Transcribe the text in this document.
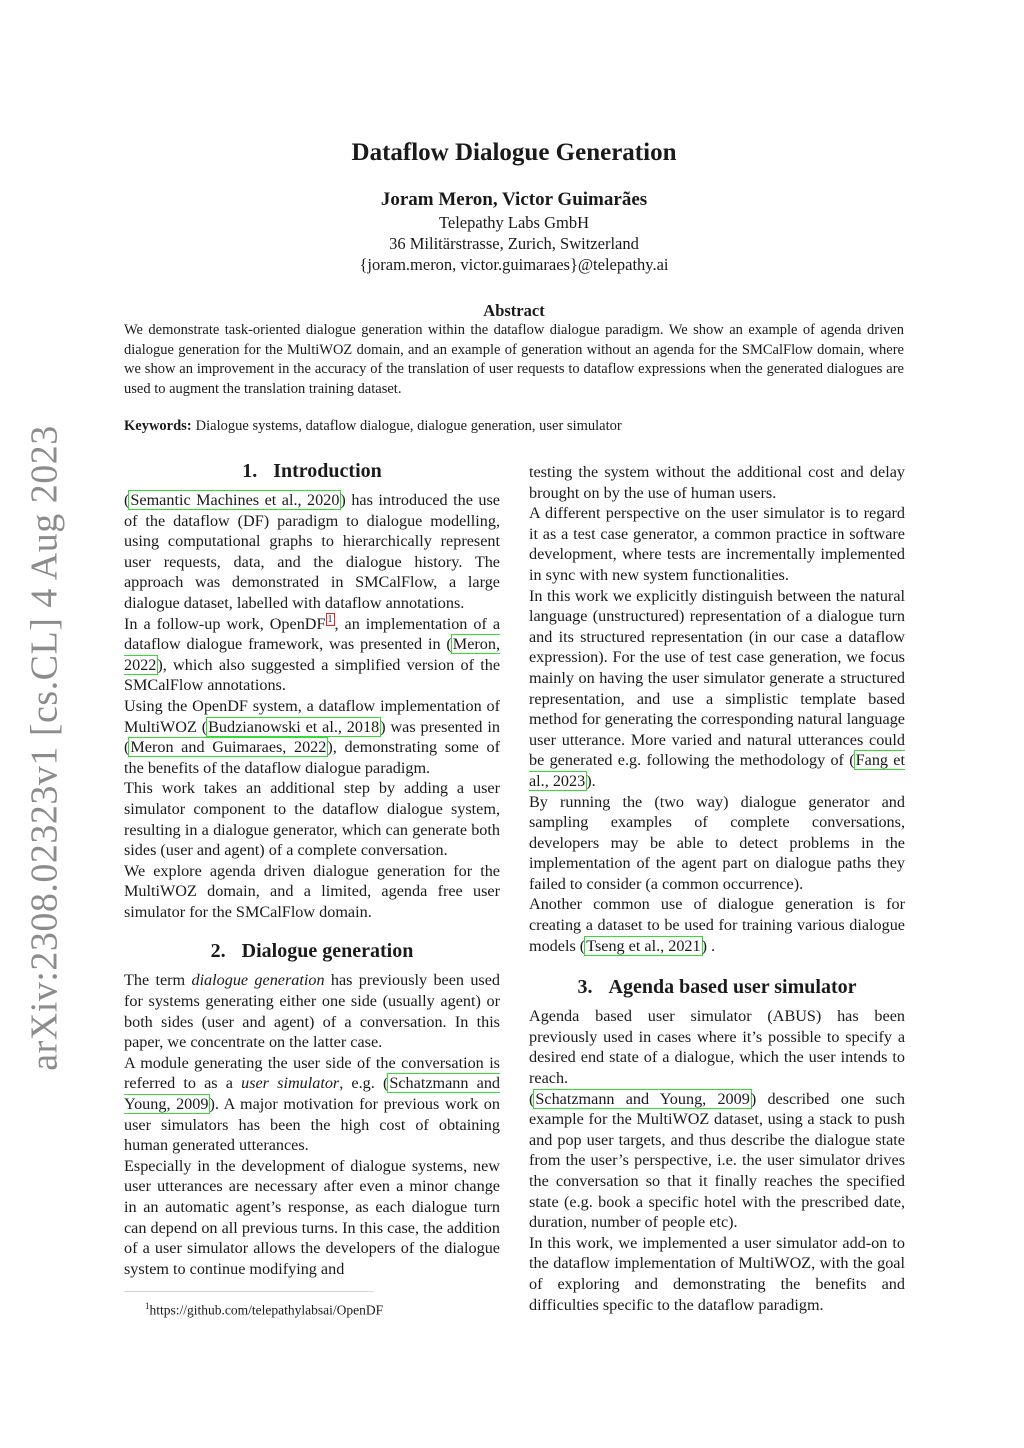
arXiv:2308.02323v1 [cs.CL] 4 Aug 2023
Dataflow Dialogue Generation
Joram Meron, Victor Guimarães
Telepathy Labs GmbH
36 Militärstrasse, Zurich, Switzerland
{joram.meron, victor.guimaraes}@telepathy.ai
Abstract

We demonstrate task-oriented dialogue generation within the dataflow dialogue paradigm. We show an example of agenda driven dialogue generation for the MultiWOZ domain, and an example of generation without an agenda for the SMCalFlow domain, where we show an improvement in the accuracy of the translation of user requests to dataflow expressions when the generated dialogues are used to augment the translation training dataset.

Keywords: Dialogue systems, dataflow dialogue, dialogue generation, user simulator
1. Introduction

(Semantic Machines et al., 2020) has introduced the use of the dataflow (DF) paradigm to dialogue modelling, using computational graphs to hierarchically represent user requests, data, and the dialogue history. The approach was demonstrated in SMCalFlow, a large dialogue dataset, labelled with dataflow annotations.

In a follow-up work, OpenDF $^1$ , an implementation of a dataflow dialogue framework, was presented in (Meron, 2022), which also suggested a simplified version of the SMCalFlow annotations.

Using the OpenDF system, a dataflow implementation of MultiWOZ (Budzianowski et al., 2018) was presented in (Meron and Guimaraes, 2022), demonstrating some of the benefits of the dataflow dialogue paradigm.

This work takes an additional step by adding a user simulator component to the dataflow dialogue system, resulting in a dialogue generator, which can generate both sides (user and agent) of a complete conversation.

We explore agenda driven dialogue generation for the MultiWOZ domain, and a limited, agenda free user simulator for the SMCalFlow domain.

2. Dialogue generation

The term dialogue generation has previously been used for systems generating either one side (usually agent) or both sides (user and agent) of a conversation. In this paper, we concentrate on the latter case.

A module generating the user side of the conversation is referred to as a user simulator, e.g. (Schatzmann and Young, 2009). A major motivation for previous work on user simulators has been the high cost of obtaining human generated utterances.

Especially in the development of dialogue systems, new user utterances are necessary after even a minor change in an automatic agent’s response, as each dialogue turn can depend on all previous turns. In this case, the addition of a user simulator allows the developers of the dialogue system to continue modifying and

testing the system without the additional cost and delay brought on by the use of human users.

A different perspective on the user simulator is to regard it as a test case generator, a common practice in software development, where tests are incrementally implemented in sync with new system functionalities.

In this work we explicitly distinguish between the natural language (unstructured) representation of a dialogue turn and its structured representation (in our case a dataflow expression). For the use of test case generation, we focus mainly on having the user simulator generate a structured representation, and use a simplistic template based method for generating the corresponding natural language user utterance. More varied and natural utterances could be generated e.g. following the methodology of (Fang et al., 2023).

By running the (two way) dialogue generator and sampling examples of complete conversations, developers may be able to detect problems in the implementation of the agent part on dialogue paths they failed to consider (a common occurrence).

Another common use of dialogue generation is for creating a dataset to be used for training various dialogue models (Tseng et al., 2021) .

3. Agenda based user simulator

Agenda based user simulator (ABUS) has been previously used in cases where it’s possible to specify a desired end state of a dialogue, which the user intends to reach.

(Schatzmann and Young, 2009) described one such example for the MultiWOZ dataset, using a stack to push and pop user targets, and thus describe the dialogue state from the user’s perspective, i.e. the user simulator drives the conversation so that it finally reaches the specified state (e.g. book a specific hotel with the prescribed date, duration, number of people etc).

In this work, we implemented a user simulator add-on to the dataflow implementation of MultiWOZ, with the goal of exploring and demonstrating the benefits and difficulties specific to the dataflow paradigm.

$^1$https://github.com/telepathylabsai/OpenDF
